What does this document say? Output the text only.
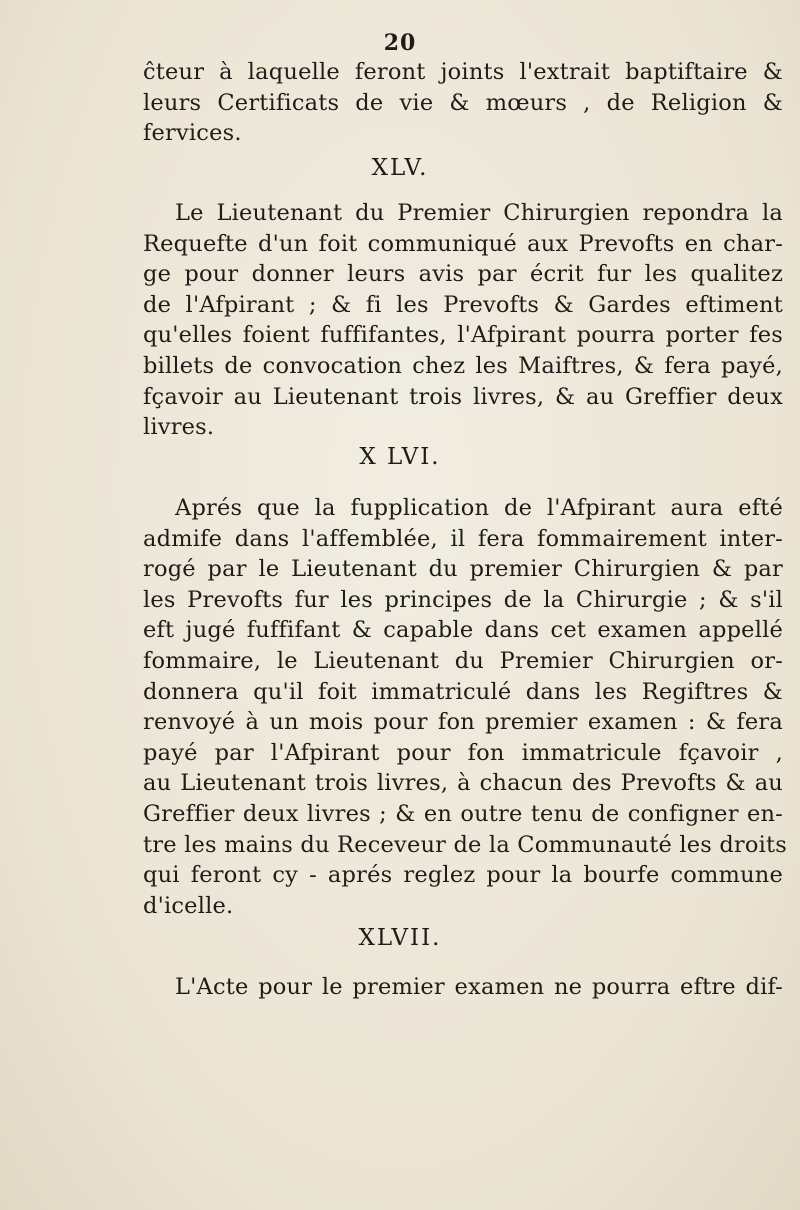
20
ĉteur à laquelle feront joints l'extrait baptiftaire &
leurs Certificats de vie & mœurs , de Religion &
fervices.
XLV.
Le Lieutenant du Premier Chirurgien repondra la
Requefte d'un foit communiqué aux Prevofts en char-
ge pour donner leurs avis par écrit fur les qualitez
de l'Afpirant ; & fi les Prevofts & Gardes eftiment
qu'elles foient fuffifantes, l'Afpirant pourra porter fes
billets de convocation chez les Maiftres, & fera payé,
fçavoir au Lieutenant trois livres, & au Greffier deux
livres.
X LVI.
Aprés que la fupplication de l'Afpirant aura efté
admife dans l'affemblée, il fera fommairement inter-
rogé par le Lieutenant du premier Chirurgien & par
les Prevofts fur les principes de la Chirurgie ; & s'il
eft jugé fuffifant & capable dans cet examen appellé
fommaire, le Lieutenant du Premier Chirurgien or-
donnera qu'il foit immatriculé dans les Regiftres &
renvoyé à un mois pour fon premier examen : & fera
payé par l'Afpirant pour fon immatricule fçavoir ,
au Lieutenant trois livres, à chacun des Prevofts & au
Greffier deux livres ; & en outre tenu de configner en-
tre les mains du Receveur de la Communauté les droits
qui feront cy - aprés reglez pour la bourfe commune
d'icelle.
XLVII.
L'Acte pour le premier examen ne pourra eftre dif-
